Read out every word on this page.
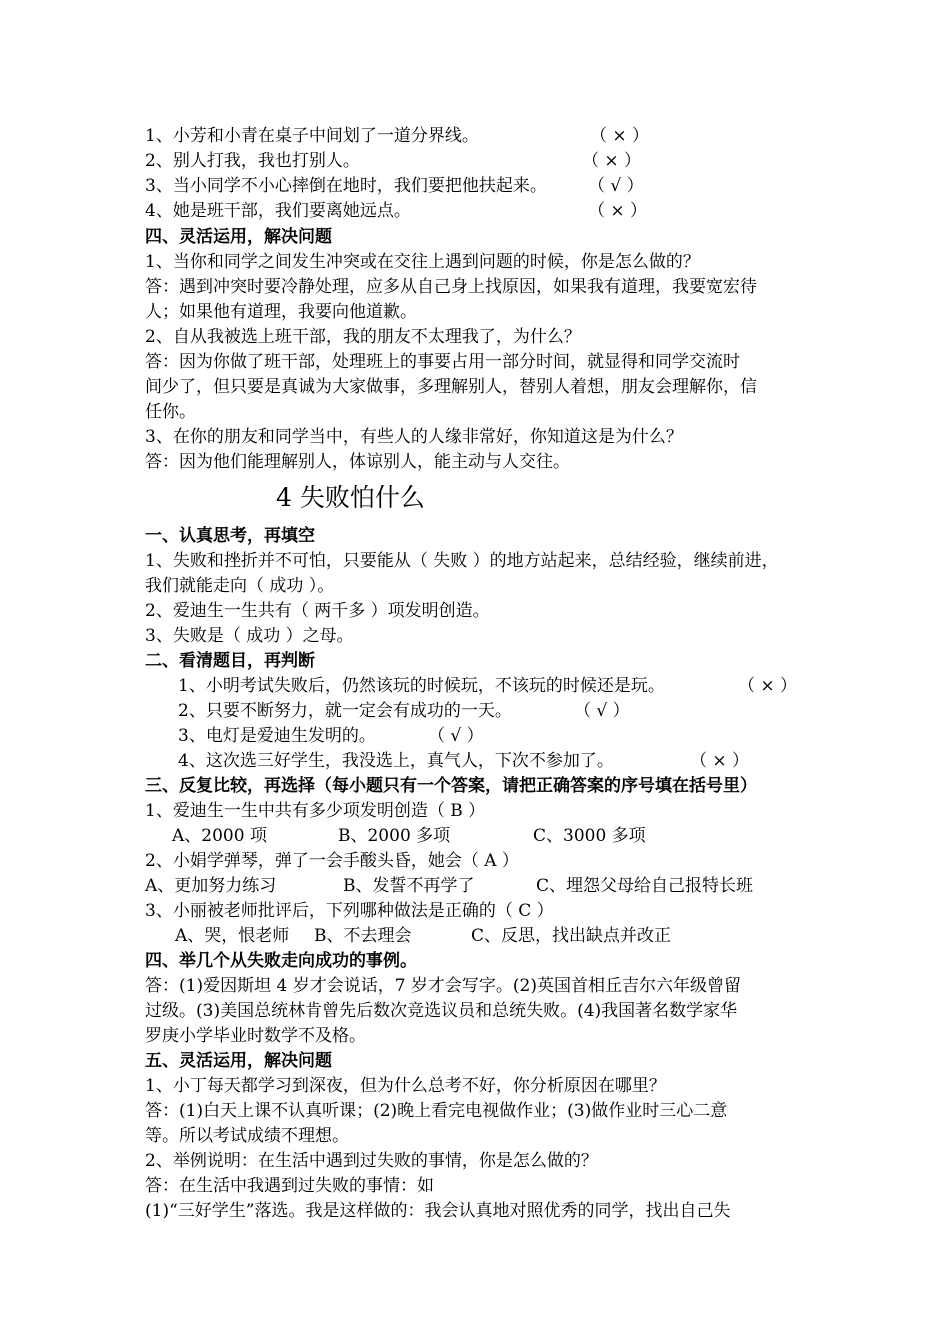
1、小芳和小青在桌子中间划了一道分界线。	（ × ）
2、别人打我，我也打别人。	（ × ）
3、当小同学不小心摔倒在地时，我们要把他扶起来。 （ √ ）
4、她是班干部，我们要离她远点。	（ × ）
四、灵活运用，解决问题
1、当你和同学之间发生冲突或在交往上遇到问题的时候，你是怎么做的？
答：遇到冲突时要冷静处理，应多从自己身上找原因，如果我有道理，我要宽宏待
人；如果他有道理，我要向他道歉。
2、自从我被选上班干部，我的朋友不太理我了，为什么？
答：因为你做了班干部，处理班上的事要占用一部分时间，就显得和同学交流时
间少了，但只要是真诚为大家做事，多理解别人，替别人着想，朋友会理解你，信
任你。
3、在你的朋友和同学当中，有些人的人缘非常好，你知道这是为什么？
答：因为他们能理解别人，体谅别人，能主动与人交往。
4 失败怕什么
一、认真思考，再填空
1、失败和挫折并不可怕，只要能从（ 失败 ）的地方站起来，总结经验，继续前进，
我们就能走向（ 成功 ）。
2、爱迪生一生共有（ 两千多 ）项发明创造。
3、失败是（ 成功 ）之母。
二、看清题目，再判断
1、小明考试失败后，仍然该玩的时候玩，不该玩的时候还是玩。	（ × ）
2、只要不断努力，就一定会有成功的一天。	（ √ ）
3、电灯是爱迪生发明的。	（ √ ）
4、这次选三好学生，我没选上，真气人，下次不参加了。	（ × ）
三、反复比较，再选择（每小题只有一个答案，请把正确答案的序号填在括号里）
1、爱迪生一生中共有多少项发明创造（ B ）
A、2000 项	B、2000 多项	C、3000 多项
2、小娟学弹琴，弹了一会手酸头昏，她会（ A ）
A、更加努力练习	B、发誓不再学了	C、埋怨父母给自己报特长班
3、小丽被老师批评后，下列哪种做法是正确的（ C ）
A、哭，恨老师 B、不去理会	C、反思，找出缺点并改正
四、举几个从失败走向成功的事例。
答：(1)爱因斯坦 4 岁才会说话，7 岁才会写字。(2)英国首相丘吉尔六年级曾留
过级。(3)美国总统林肯曾先后数次竞选议员和总统失败。(4)我国著名数学家华
罗庚小学毕业时数学不及格。
五、灵活运用，解决问题
1、小丁每天都学习到深夜，但为什么总考不好，你分析原因在哪里？
答：(1)白天上课不认真听课；(2)晚上看完电视做作业；(3)做作业时三心二意
等。所以考试成绩不理想。
2、举例说明：在生活中遇到过失败的事情，你是怎么做的？
答：在生活中我遇到过失败的事情：如
(1)“三好学生”落选。我是这样做的：我会认真地对照优秀的同学，找出自己失
